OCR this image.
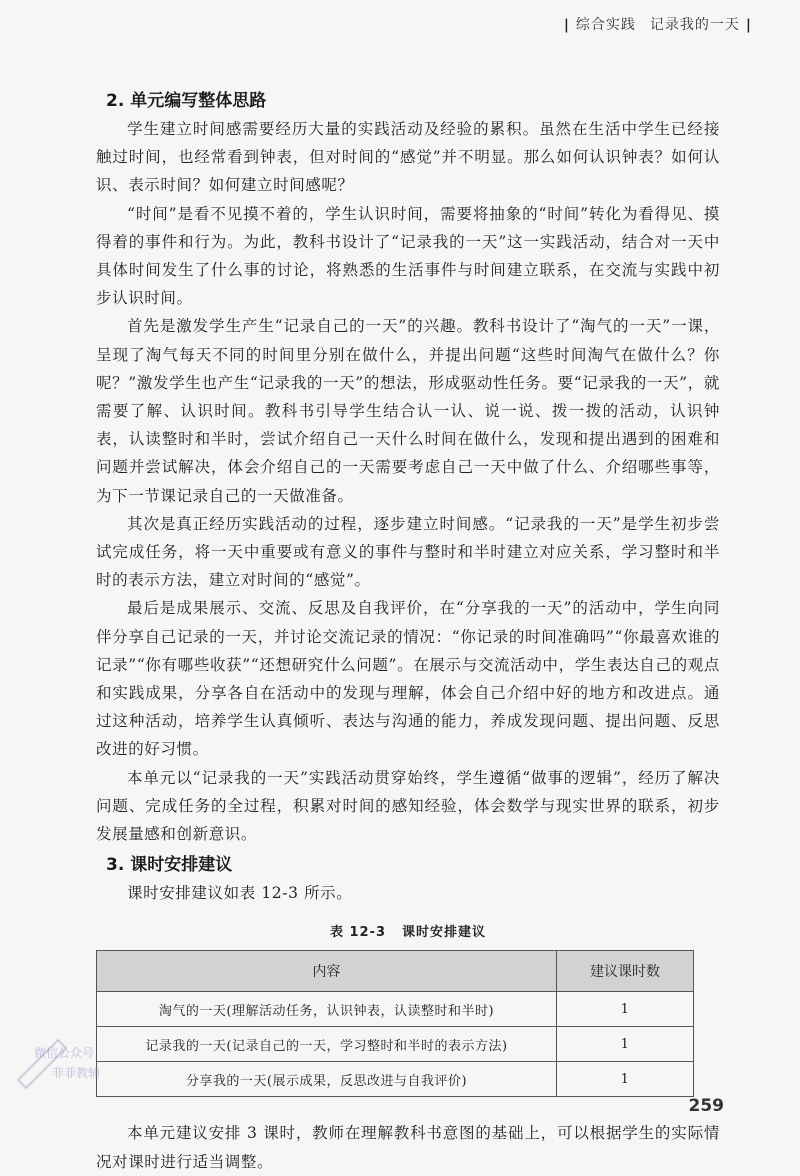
| 综合实践 记录我的一天 |
2. 单元编写整体思路

学生建立时间感需要经历大量的实践活动及经验的累积。虽然在生活中学生已经接触过时间，也经常看到钟表，但对时间的“感觉”并不明显。那么如何认识钟表？如何认识、表示时间？如何建立时间感呢？

“时间”是看不见摸不着的，学生认识时间，需要将抽象的“时间”转化为看得见、摸得着的事件和行为。为此，教科书设计了“记录我的一天”这一实践活动，结合对一天中具体时间发生了什么事的讨论，将熟悉的生活事件与时间建立联系，在交流与实践中初步认识时间。

首先是激发学生产生“记录自己的一天”的兴趣。教科书设计了“淘气的一天”一课，呈现了淘气每天不同的时间里分别在做什么，并提出问题“这些时间淘气在做什么？你呢？”激发学生也产生“记录我的一天”的想法，形成驱动性任务。要“记录我的一天”，就需要了解、认识时间。教科书引导学生结合认一认、说一说、拨一拨的活动，认识钟表，认读整时和半时，尝试介绍自己一天什么时间在做什么，发现和提出遇到的困难和问题并尝试解决，体会介绍自己的一天需要考虑自己一天中做了什么、介绍哪些事等，为下一节课记录自己的一天做准备。

其次是真正经历实践活动的过程，逐步建立时间感。“记录我的一天”是学生初步尝试完成任务，将一天中重要或有意义的事件与整时和半时建立对应关系，学习整时和半时的表示方法，建立对时间的“感觉”。

最后是成果展示、交流、反思及自我评价，在“分享我的一天”的活动中，学生向同伴分享自己记录的一天，并讨论交流记录的情况：“你记录的时间准确吗”“你最喜欢谁的记录”“你有哪些收获”“还想研究什么问题”。在展示与交流活动中，学生表达自己的观点和实践成果，分享各自在活动中的发现与理解，体会自己介绍中好的地方和改进点。通过这种活动，培养学生认真倾听、表达与沟通的能力，养成发现问题、提出问题、反思改进的好习惯。

本单元以“记录我的一天”实践活动贯穿始终，学生遵循“做事的逻辑”，经历了解决问题、完成任务的全过程，积累对时间的感知经验，体会数学与现实世界的联系，初步发展量感和创新意识。

3. 课时安排建议

课时安排建议如表 12-3 所示。

表 12-3 课时安排建议
内容	建议课时数
淘气的一天(理解活动任务，认识钟表，认读整时和半时)	1
记录我的一天(记录自己的一天，学习整时和半时的表示方法)	1
分享我的一天(展示成果，反思改进与自我评价)	1

本单元建议安排 3 课时，教师在理解教科书意图的基础上，可以根据学生的实际情况对课时进行适当调整。

微信公众号
菲菲教辅
259
